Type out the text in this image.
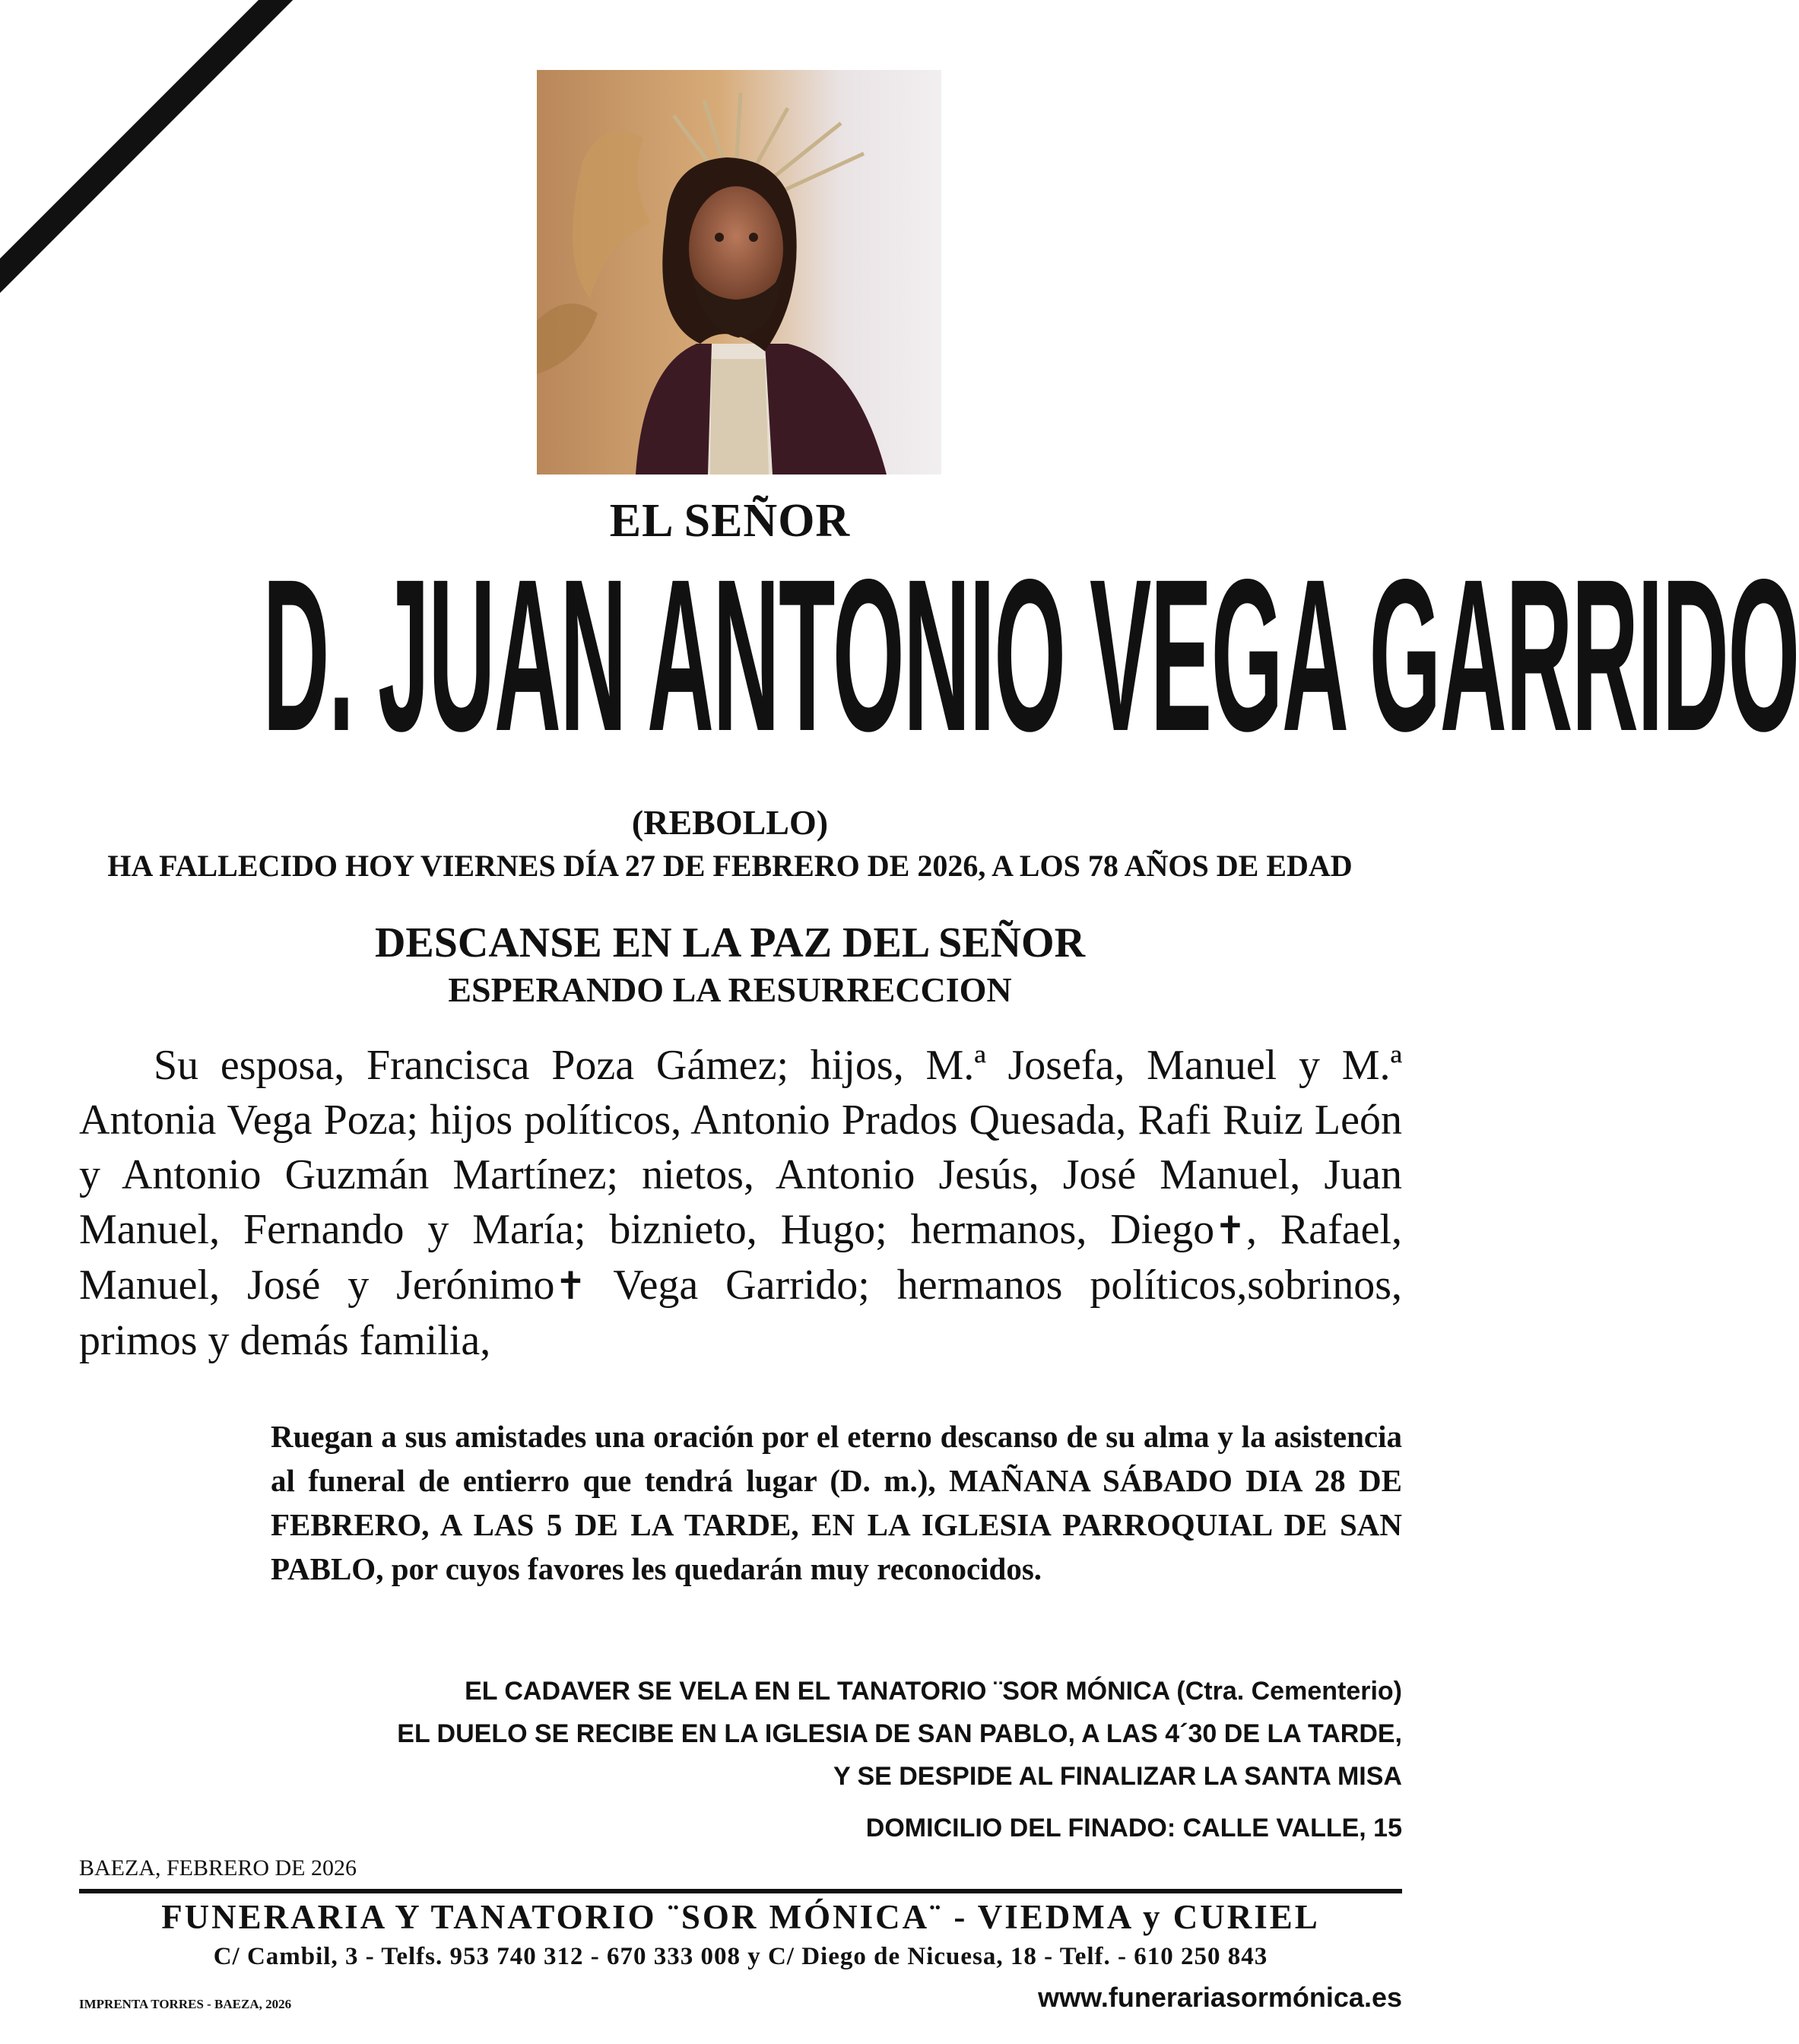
EL SEÑOR
D. JUAN ANTONIO VEGA GARRIDO
(REBOLLO)
HA FALLECIDO HOY VIERNES DÍA 27 DE FEBRERO DE 2026, A LOS 78 AÑOS DE EDAD
DESCANSE EN LA PAZ DEL SEÑOR
ESPERANDO LA RESURRECCION
Su esposa, Francisca Poza Gámez; hijos, M.ª Josefa, Manuel y M.ª Antonia Vega Poza; hijos políticos, Antonio Prados Quesada, Rafi Ruiz León y Antonio Guzmán Martínez; nietos, Antonio Jesús, José Manuel, Juan Manuel, Fernando y María; biznieto, Hugo; hermanos, Diego✝, Rafael, Manuel, José y Jerónimo✝ Vega Garrido; hermanos políticos,sobrinos, primos y demás familia,
Ruegan a sus amistades una oración por el eterno descanso de su alma y la asistencia al funeral de entierro que tendrá lugar (D. m.), MAÑANA SÁBADO DIA 28 DE FEBRERO, A LAS 5 DE LA TARDE, EN LA IGLESIA PARROQUIAL DE SAN PABLO, por cuyos favores les quedarán muy reconocidos.
EL CADAVER SE VELA EN EL TANATORIO ¨SOR MÓNICA (Ctra. Cementerio)
EL DUELO SE RECIBE EN LA IGLESIA DE SAN PABLO, A LAS 4´30 DE LA TARDE,
Y SE DESPIDE AL FINALIZAR LA SANTA MISA
DOMICILIO DEL FINADO: CALLE VALLE, 15
BAEZA, FEBRERO DE 2026
FUNERARIA Y TANATORIO ¨SOR MÓNICA¨ - VIEDMA y CURIEL
C/ Cambil, 3 - Telfs. 953 740 312 - 670 333 008 y C/ Diego de Nicuesa, 18 - Telf. - 610 250 843
IMPRENTA TORRES - BAEZA, 2026	www.funerariasormónica.es
